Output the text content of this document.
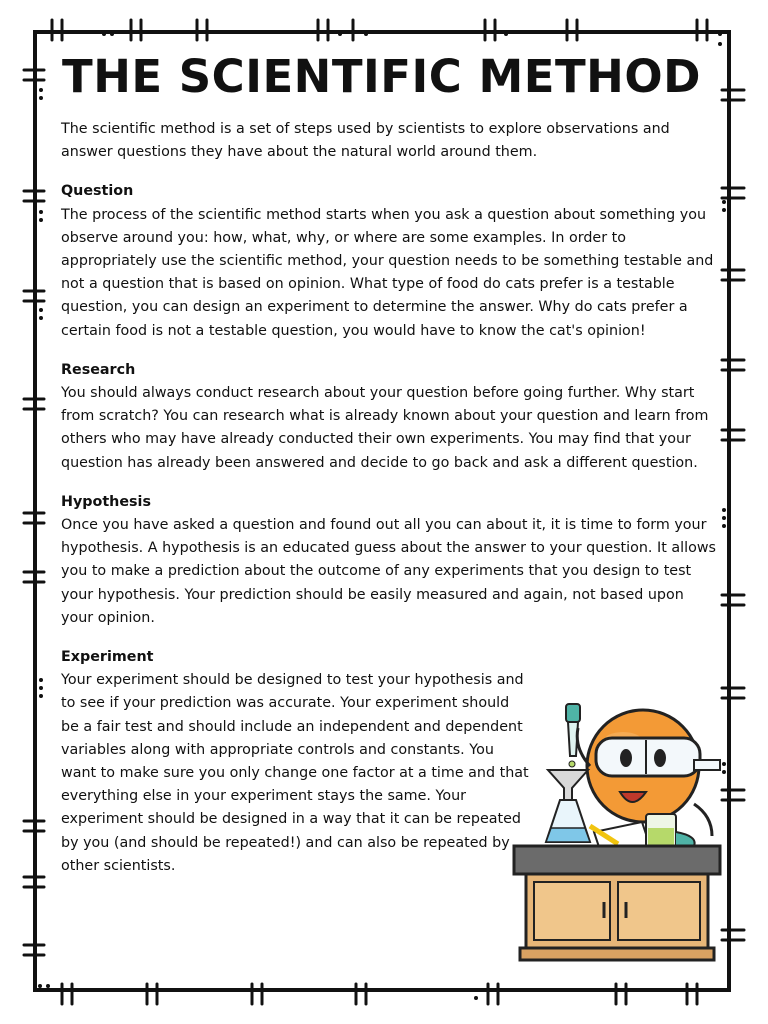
THE SCIENTIFIC METHOD

The scientific method is a set of steps used by scientists to explore observations and answer questions they have about the natural world around them.

Question

The process of the scientific method starts when you ask a question about something you observe around you: how, what, why, or where are some examples. In order to appropriately use the scientific method, your question needs to be something testable and not a question that is based on opinion. What type of food do cats prefer is a testable question, you can design an experiment to determine the answer. Why do cats prefer a certain food is not a testable question, you would have to know the cat's opinion!

Research

You should always conduct research about your question before going further. Why start from scratch? You can research what is already known about your question and learn from others who may have already conducted their own experiments. You may find that your question has already been answered and decide to go back and ask a different question.

Hypothesis

Once you have asked a question and found out all you can about it, it is time to form your hypothesis. A hypothesis is an educated guess about the answer to your question. It allows you to make a prediction about the outcome of any experiments that you design to test your hypothesis. Your prediction should be easily measured and again, not based upon your opinion.

Experiment

Your experiment should be designed to test your hypothesis and to see if your prediction was accurate. Your experiment should be a fair test and should include an independent and dependent variables along with appropriate controls and constants. You want to make sure you only change one factor at a time and that everything else in your experiment stays the same. Your experiment should be designed in a way that it can be repeated by you (and should be repeated!) and can also be repeated by other scientists.
